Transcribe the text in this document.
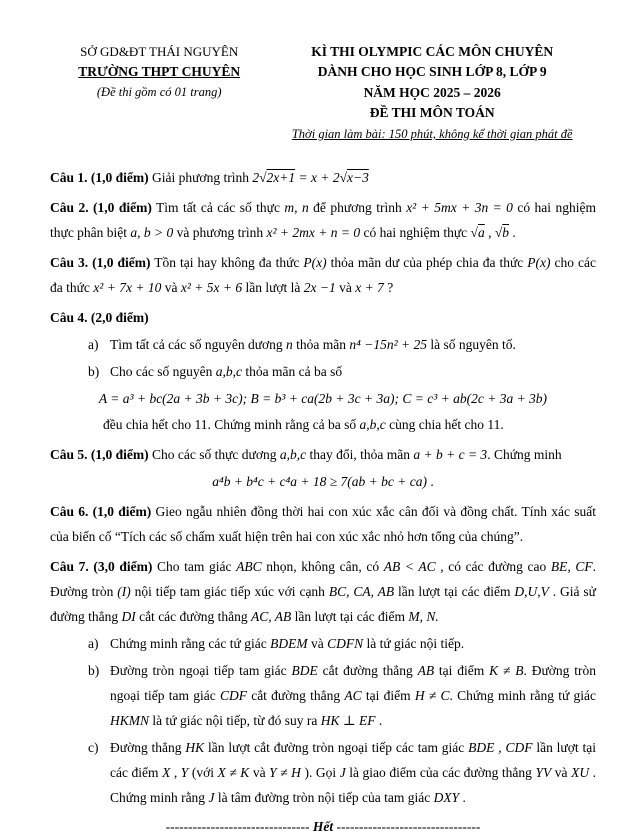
SỞ GD&ĐT THÁI NGUYÊN
TRƯỜNG THPT CHUYÊN
(Đề thi gồm có 01 trang)
KÌ THI OLYMPIC CÁC MÔN CHUYÊN
DÀNH CHO HỌC SINH LỚP 8, LỚP 9
NĂM HỌC 2025 – 2026
ĐỀ THI MÔN TOÁN
Thời gian làm bài: 150 phút, không kể thời gian phát đề
Câu 1. (1,0 điểm) Giải phương trình 2√2x+1 = x + 2√x−3
Câu 2. (1,0 điểm) Tìm tất cả các số thực m, n để phương trình x² + 5mx + 3n = 0 có hai nghiệm thực phân biệt a, b > 0 và phương trình x² + 2mx + n = 0 có hai nghiệm thực √a , √b .
Câu 3. (1,0 điểm) Tồn tại hay không đa thức P(x) thỏa mãn dư của phép chia đa thức P(x) cho các đa thức x² + 7x + 10 và x² + 5x + 6 lần lượt là 2x −1 và x + 7 ?
Câu 4. (2,0 điểm)
a) Tìm tất cả các số nguyên dương n thỏa mãn n⁴ −15n² + 25 là số nguyên tố.
b) Cho các số nguyên a,b,c thỏa mãn cả ba số
A = a³ + bc(2a + 3b + 3c); B = b³ + ca(2b + 3c + 3a); C = c³ + ab(2c + 3a + 3b)
đều chia hết cho 11. Chứng minh rằng cả ba số a,b,c cùng chia hết cho 11.
Câu 5. (1,0 điểm) Cho các số thực dương a,b,c thay đổi, thỏa mãn a + b + c = 3. Chứng minh
a⁴b + b⁴c + c⁴a + 18 ≥ 7(ab + bc + ca) .
Câu 6. (1,0 điểm) Gieo ngẫu nhiên đồng thời hai con xúc xắc cân đối và đồng chất. Tính xác suất của biến cố “Tích các số chấm xuất hiện trên hai con xúc xắc nhỏ hơn tổng của chúng”.
Câu 7. (3,0 điểm) Cho tam giác ABC nhọn, không cân, có AB < AC , có các đường cao BE, CF. Đường tròn (I) nội tiếp tam giác tiếp xúc với cạnh BC, CA, AB lần lượt tại các điểm D,U,V . Giả sử đường thẳng DI cắt các đường thẳng AC, AB lần lượt tại các điểm M, N.
a) Chứng minh rằng các tứ giác BDEM và CDFN là tứ giác nội tiếp.
b) Đường tròn ngoại tiếp tam giác BDE cắt đường thẳng AB tại điểm K ≠ B. Đường tròn ngoại tiếp tam giác CDF cắt đường thẳng AC tại điểm H ≠ C. Chứng minh rằng tứ giác HKMN là tứ giác nội tiếp, từ đó suy ra HK ⊥ EF .
c) Đường thẳng HK lần lượt cắt đường tròn ngoại tiếp các tam giác BDE , CDF lần lượt tại các điểm X , Y (với X ≠ K và Y ≠ H ). Gọi J là giao điểm của các đường thẳng YV và XU . Chứng minh rằng J là tâm đường tròn nội tiếp của tam giác DXY .
-------------------------------- Hết --------------------------------
